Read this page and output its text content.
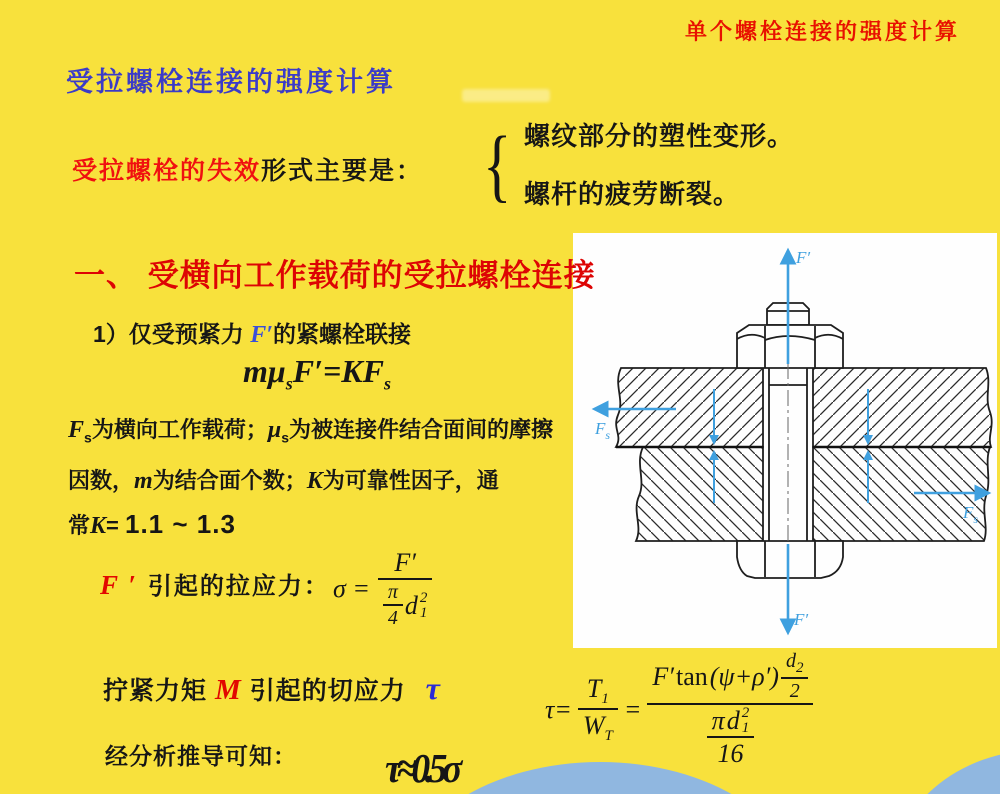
F′
F′
$F_s$
$F_s$
单个螺栓连接的强度计算
受拉螺栓连接的强度计算
受拉螺栓的失效形式主要是： { 螺纹部分的塑性变形。
螺杆的疲劳断裂。
一、 受横向工作载荷的受拉螺栓连接
1）仅受预紧力 F′的紧螺栓联接
$m\mu_sF'=KF_s$
$F_s$为横向工作载荷；$\mu_s$为被连接件结合面间的摩擦
因数，m为结合面个数；K为可靠性因子，通
常K= 1.1 ~ 1.3
F ′ 引起的拉应力： σ =
F′
$\frac{\pi}{4}$ d 2
1
拧紧力矩 M 引起的切应力 τ
$\tau= \frac{T_1}{W_T}$ =
F′ $\tan (\psi+\rho') \frac{d_2}{2}$
π d 2
1
16
经分析推导可知： τ≈0.5σ
